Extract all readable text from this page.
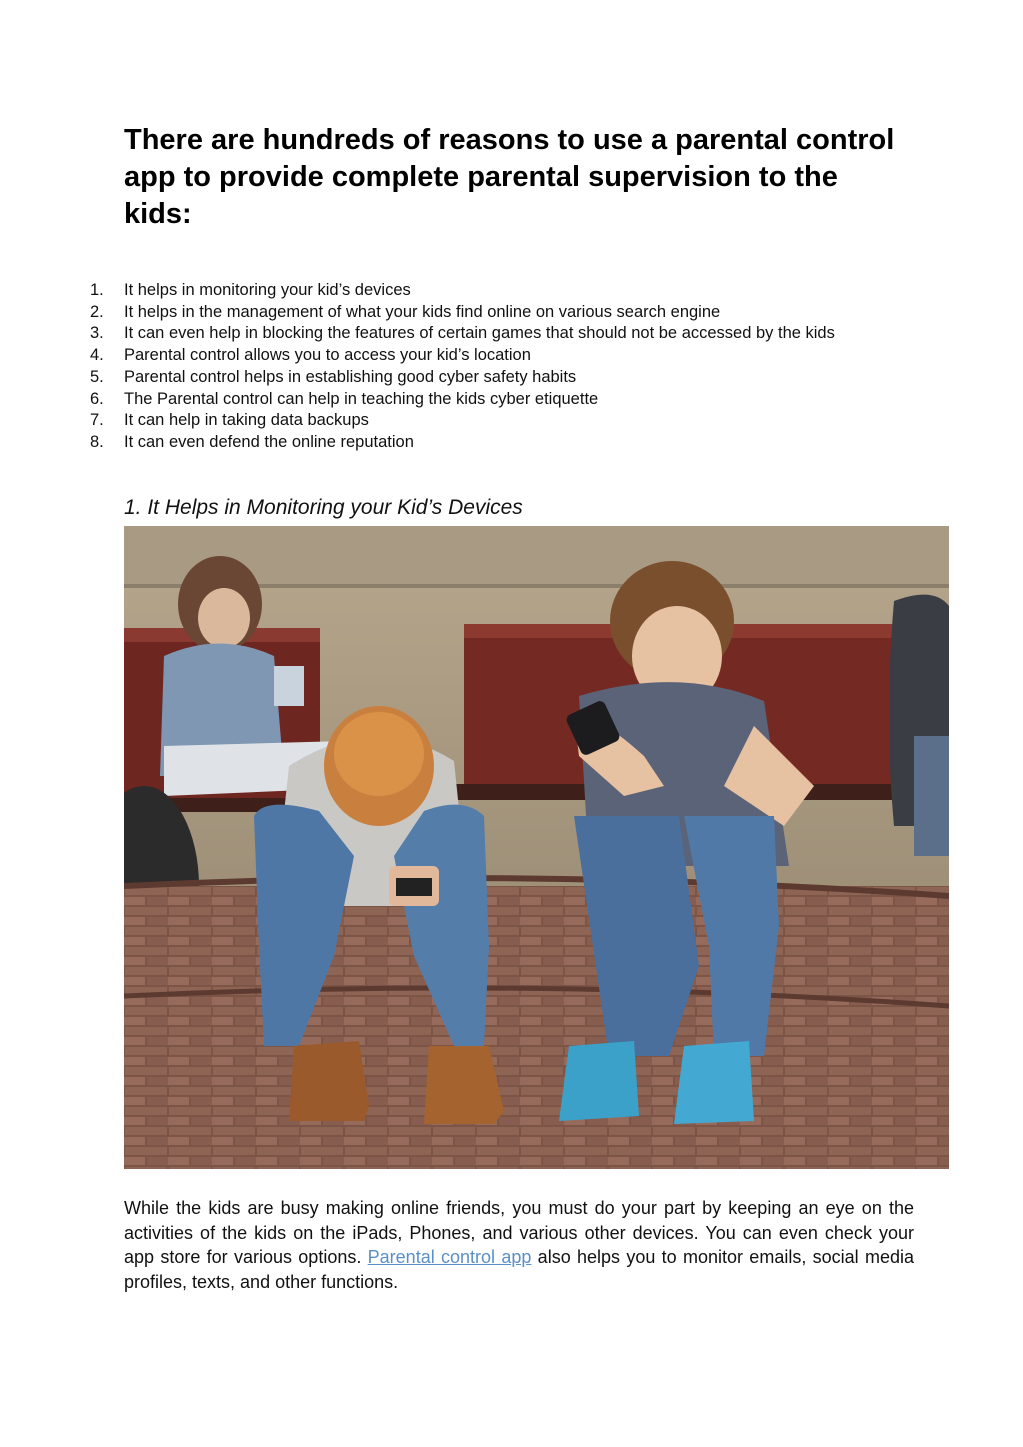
There are hundreds of reasons to use a parental control app to provide complete parental supervision to the kids:
1. It helps in monitoring your kid’s devices
2. It helps in the management of what your kids find online on various search engine
3. It can even help in blocking the features of certain games that should not be accessed by the kids
4. Parental control allows you to access your kid’s location
5. Parental control helps in establishing good cyber safety habits
6. The Parental control can help in teaching the kids cyber etiquette
7. It can help in taking data backups
8. It can even defend the online reputation
1. It Helps in Monitoring your Kid’s Devices

While the kids are busy making online friends, you must do your part by keeping an eye on the activities of the kids on the iPads, Phones, and various other devices. You can even check your app store for various options. Parental control app also helps you to monitor emails, social media profiles, texts, and other functions.
